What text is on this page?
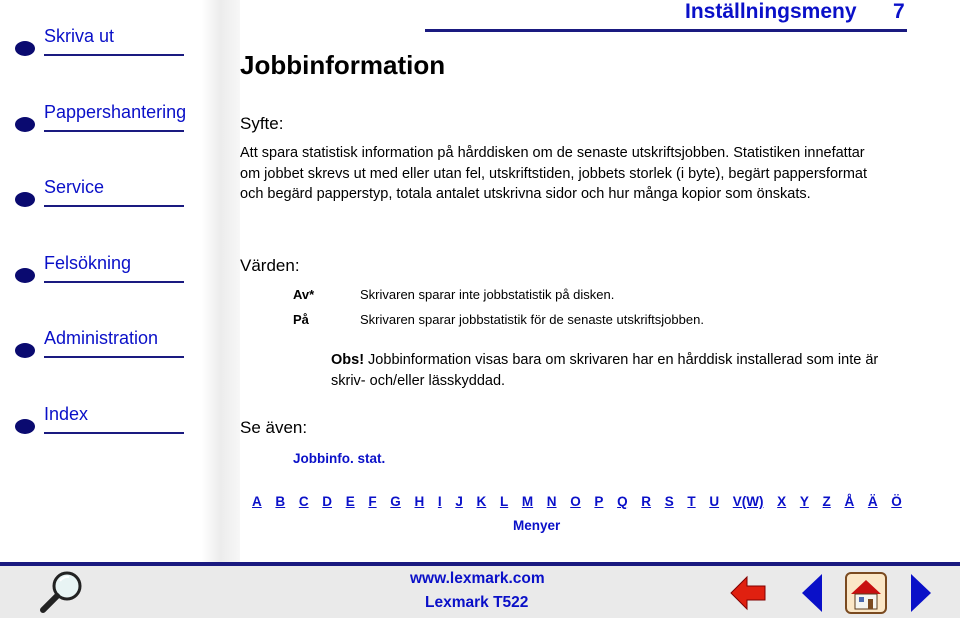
Skriva ut
Pappershantering
Service
Felsökning
Administration
Index
Inställningsmeny 7
Jobbinformation
Syfte:

Att spara statistisk information på hårddisken om de senaste utskriftsjobben. Statistiken innefattar om jobbet skrevs ut med eller utan fel, utskriftstiden, jobbets storlek (i byte), begärt pappersformat och begärd papperstyp, totala antalet utskrivna sidor och hur många kopior som önskats.

Värden:
Av*	Skrivaren sparar inte jobbstatistik på disken.
På	Skrivaren sparar jobbstatistik för de senaste utskriftsjobben.
Obs! Jobbinformation visas bara om skrivaren har en hårddisk installerad som inte är skriv- och/eller lässkyddad.
Se även:
Jobbinfo. stat.
A B C D E F G H I J K L M N O P Q R S T U V(W) X Y Z Å Ä Ö
Menyer
www.lexmark.com
Lexmark T522
